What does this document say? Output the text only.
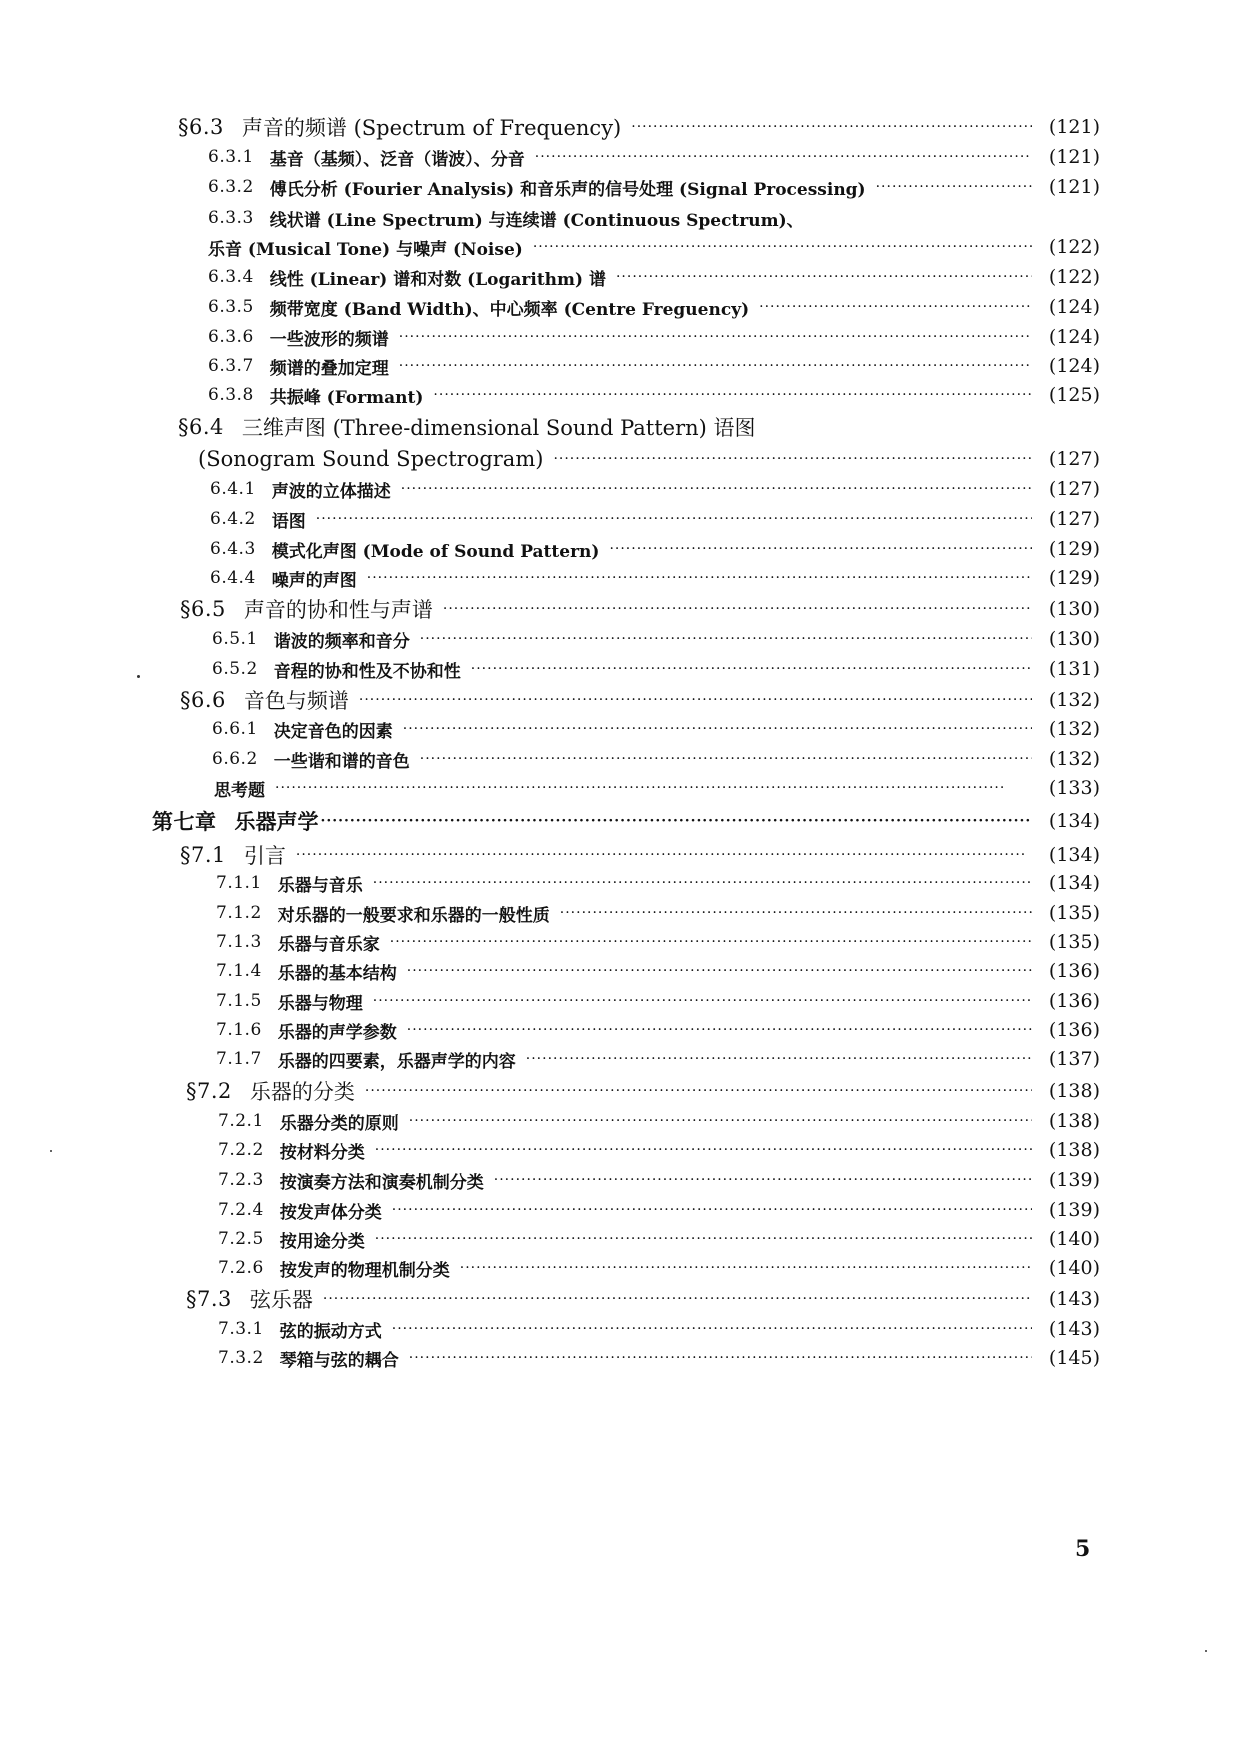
§6.3 声音的频谱 (Spectrum of Frequency) ·····	(121)
6.3.1 基音（基频）、泛音（谐波）、分音 ·····	(121)
6.3.2 傅氏分析 (Fourier Analysis) 和音乐声的信号处理 (Signal Processing) ·····	(121)
6.3.3 线状谱 (Line Spectrum) 与连续谱 (Continuous Spectrum)、
乐音 (Musical Tone) 与噪声 (Noise) ·····	(122)
6.3.4 线性 (Linear) 谱和对数 (Logarithm) 谱 ·····	(122)
6.3.5 频带宽度 (Band Width)、中心频率 (Centre Freguency) ·····	(124)
6.3.6 一些波形的频谱 ·····	(124)
6.3.7 频谱的叠加定理 ·····	(124)
6.3.8 共振峰 (Formant) ·····	(125)
§6.4 三维声图 (Three-dimensional Sound Pattern) 语图
(Sonogram Sound Spectrogram) ·····	(127)
6.4.1 声波的立体描述 ·····	(127)
6.4.2 语图 ·····	(127)
6.4.3 模式化声图 (Mode of Sound Pattern) ·····	(129)
6.4.4 噪声的声图 ·····	(129)
§6.5 声音的协和性与声谱 ·····	(130)
6.5.1 谐波的频率和音分 ·····	(130)
6.5.2 音程的协和性及不协和性 ·····	(131)
§6.6 音色与频谱 ·····	(132)
6.6.1 决定音色的因素 ·····	(132)
6.6.2 一些谐和谱的音色 ·····	(132)
思考题 ·····	(133)
第七章 乐器声学 ·····	(134)
§7.1 引言 ·····	(134)
7.1.1 乐器与音乐 ·····	(134)
7.1.2 对乐器的一般要求和乐器的一般性质 ·····	(135)
7.1.3 乐器与音乐家 ·····	(135)
7.1.4 乐器的基本结构 ·····	(136)
7.1.5 乐器与物理 ·····	(136)
7.1.6 乐器的声学参数 ·····	(136)
7.1.7 乐器的四要素，乐器声学的内容 ·····	(137)
§7.2 乐器的分类 ·····	(138)
7.2.1 乐器分类的原则 ·····	(138)
7.2.2 按材料分类 ·····	(138)
7.2.3 按演奏方法和演奏机制分类 ·····	(139)
7.2.4 按发声体分类 ·····	(139)
7.2.5 按用途分类 ·····	(140)
7.2.6 按发声的物理机制分类 ·····	(140)
§7.3 弦乐器 ·····	(143)
7.3.1 弦的振动方式 ·····	(143)
7.3.2 琴箱与弦的耦合 ·····	(145)
5
